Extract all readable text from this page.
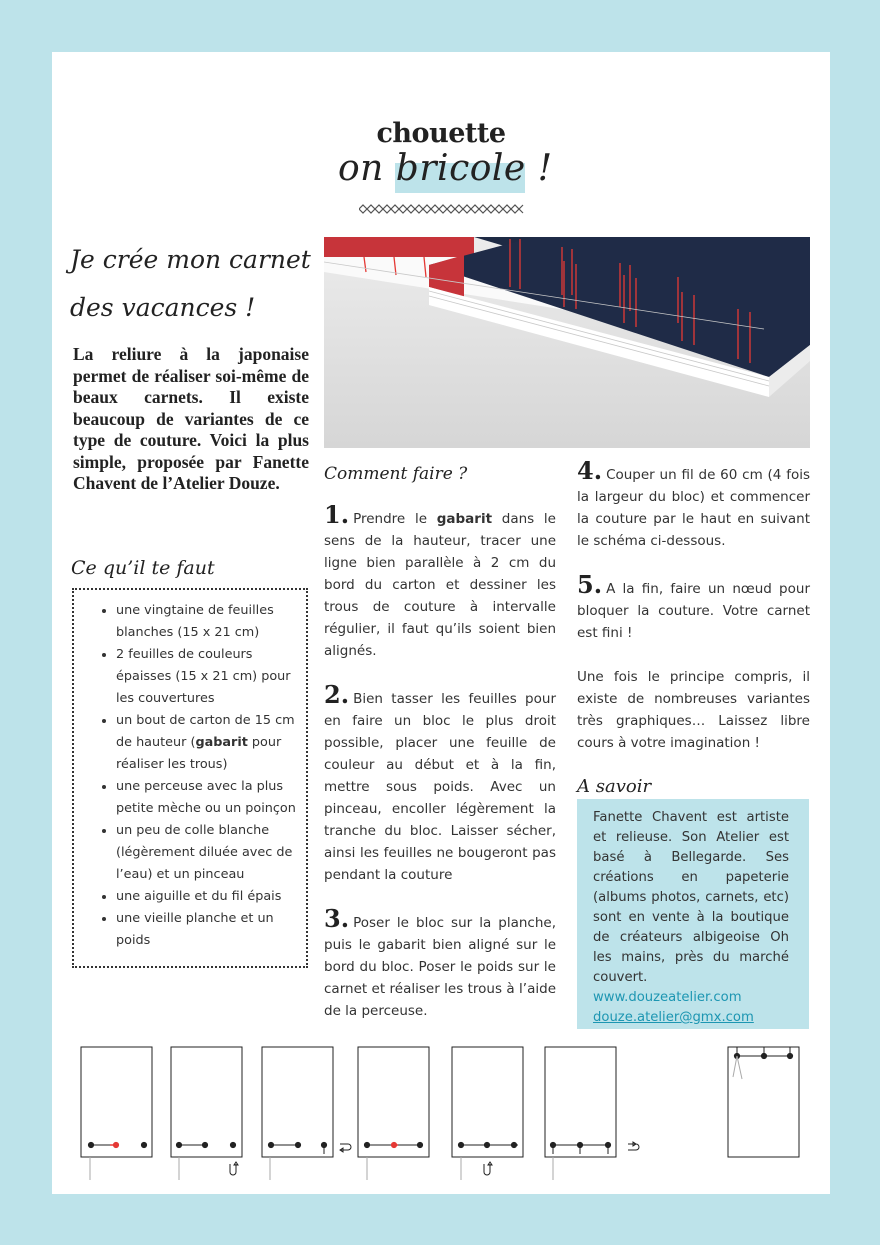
chouette
on bricole !
Je crée mon carnet
des vacances !
La reliure à la japonaise permet de réaliser soi-même de beaux carnets. Il existe beaucoup de variantes de ce type de couture. Voici la plus simple, proposée par Fanette Chavent de l’Atelier Douze.
Ce qu’il te faut
• une vingtaine de feuilles blanches (15 x 21 cm)
• 2 feuilles de couleurs épaisses (15 x 21 cm) pour les couvertures
• un bout de carton de 15 cm de hauteur (gabarit pour réaliser les trous)
• une perceuse avec la plus petite mèche ou un poinçon
• un peu de colle blanche (légèrement diluée avec de l’eau) et un pinceau
• une aiguille et du fil épais
• une vieille planche et un poids
Comment faire ?

1. Prendre le gabarit dans le sens de la hauteur, tracer une ligne bien parallèle à 2 cm du bord du carton et dessiner les trous de couture à intervalle régulier, il faut qu’ils soient bien alignés.

2. Bien tasser les feuilles pour en faire un bloc le plus droit possible, placer une feuille de couleur au début et à la fin, mettre sous poids. Avec un pinceau, encoller légèrement la tranche du bloc. Laisser sécher, ainsi les feuilles ne bougeront pas pendant la couture

3. Poser le bloc sur la planche, puis le gabarit bien aligné sur le bord du bloc. Poser le poids sur le carnet et réaliser les trous à l’aide de la perceuse.

4. Couper un fil de 60 cm (4 fois la largeur du bloc) et commencer la couture par le haut en suivant le schéma ci-dessous.

5. A la fin, faire un nœud pour bloquer la couture. Votre carnet est fini !

Une fois le principe compris, il existe de nombreuses variantes très graphiques… Laissez libre cours à votre imagination !

A savoir
Fanette Chavent est artiste et relieuse. Son Atelier est basé à Bellegarde. Ses créations en papeterie (albums photos, carnets, etc) sont en vente à la boutique de créateurs albigeoise Oh les mains, près du marché couvert. www.douzeatelier.com
douze.atelier@gmx.com
